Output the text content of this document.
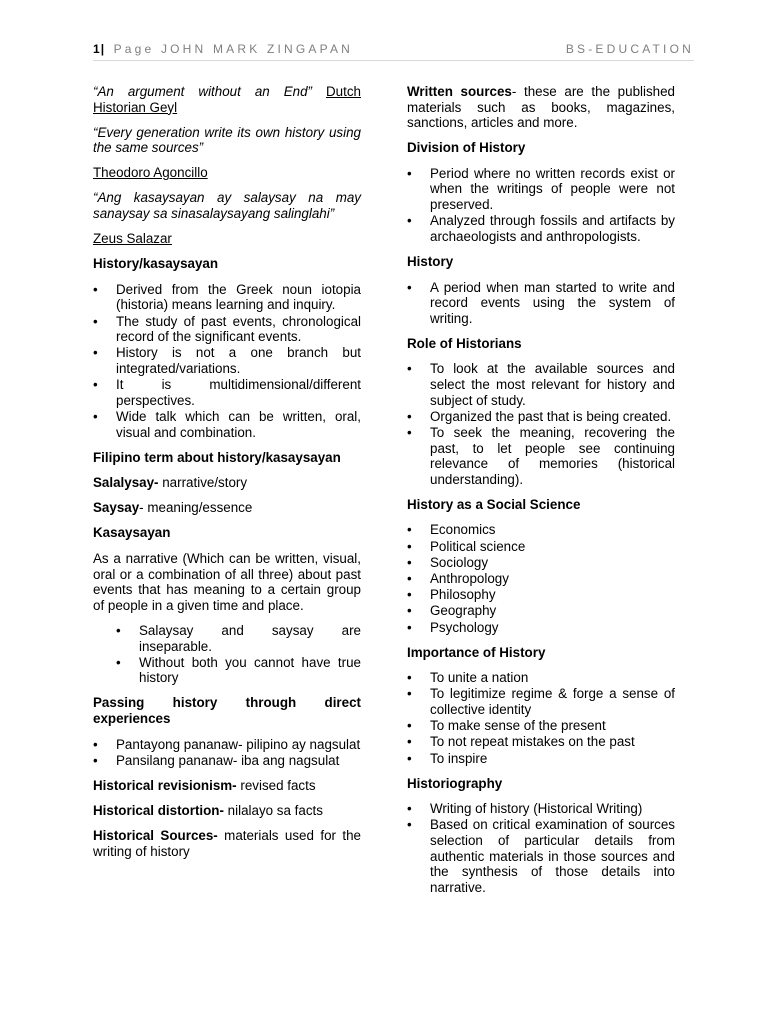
1| Page JOHN MARK ZINGAPAN	BS-EDUCATION

“An argument without an End” Dutch Historian Geyl

“Every generation write its own history using the same sources”

Theodoro Agoncillo

“Ang kasaysayan ay salaysay na may sanaysay sa sinasalaysayang salinglahi”

Zeus Salazar

History/kasaysayan
• Derived from the Greek noun iotopia (historia) means learning and inquiry.
• The study of past events, chronological record of the significant events.
• History is not a one branch but integrated/variations.
• It is multidimensional/different perspectives.
• Wide talk which can be written, oral, visual and combination.
Filipino term about history/kasaysayan

Salalysay- narrative/story

Saysay- meaning/essence

Kasaysayan

As a narrative (Which can be written, visual, oral or a combination of all three) about past events that has meaning to a certain group of people in a given time and place.

• Salaysay and saysay are inseparable.
• Without both you cannot have true history
Passing history through direct experiences
• Pantayong pananaw- pilipino ay nagsulat
• Pansilang pananaw- iba ang nagsulat

Historical revisionism- revised facts

Historical distortion- nilalayo sa facts

Historical Sources- materials used for the writing of history

Written sources- these are the published materials such as books, magazines, sanctions, articles and more.

Division of History
• Period where no written records exist or when the writings of people were not preserved.
• Analyzed through fossils and artifacts by archaeologists and anthropologists.
History
• A period when man started to write and record events using the system of writing.
Role of Historians
• To look at the available sources and select the most relevant for history and subject of study.
• Organized the past that is being created.
• To seek the meaning, recovering the past, to let people see continuing relevance of memories (historical understanding).
History as a Social Science
• Economics
• Political science
• Sociology
• Anthropology
• Philosophy
• Geography
• Psychology
Importance of History
• To unite a nation
• To legitimize regime & forge a sense of collective identity
• To make sense of the present
• To not repeat mistakes on the past
• To inspire
Historiography
• Writing of history (Historical Writing)
• Based on critical examination of sources selection of particular details from authentic materials in those sources and the synthesis of those details into narrative.
